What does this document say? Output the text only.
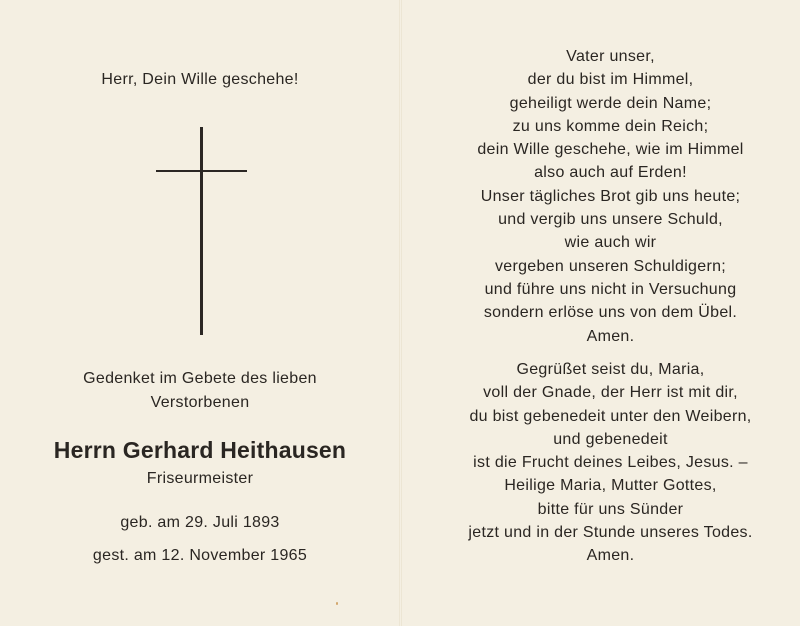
Herr, Dein Wille geschehe!
Gedenket im Gebete des lieben
Verstorbenen
Herrn Gerhard Heithausen
Friseurmeister
geb. am 29. Juli 1893
gest. am 12. November 1965
Vater unser,
der du bist im Himmel,
geheiligt werde dein Name;
zu uns komme dein Reich;
dein Wille geschehe, wie im Himmel
also auch auf Erden!
Unser tägliches Brot gib uns heute;
und vergib uns unsere Schuld,
wie auch wir
vergeben unseren Schuldigern;
und führe uns nicht in Versuchung
sondern erlöse uns von dem Übel.
Amen.
Gegrüßet seist du, Maria,
voll der Gnade, der Herr ist mit dir,
du bist gebenedeit unter den Weibern,
und gebenedeit
ist die Frucht deines Leibes, Jesus. –
Heilige Maria, Mutter Gottes,
bitte für uns Sünder
jetzt und in der Stunde unseres Todes.
Amen.
